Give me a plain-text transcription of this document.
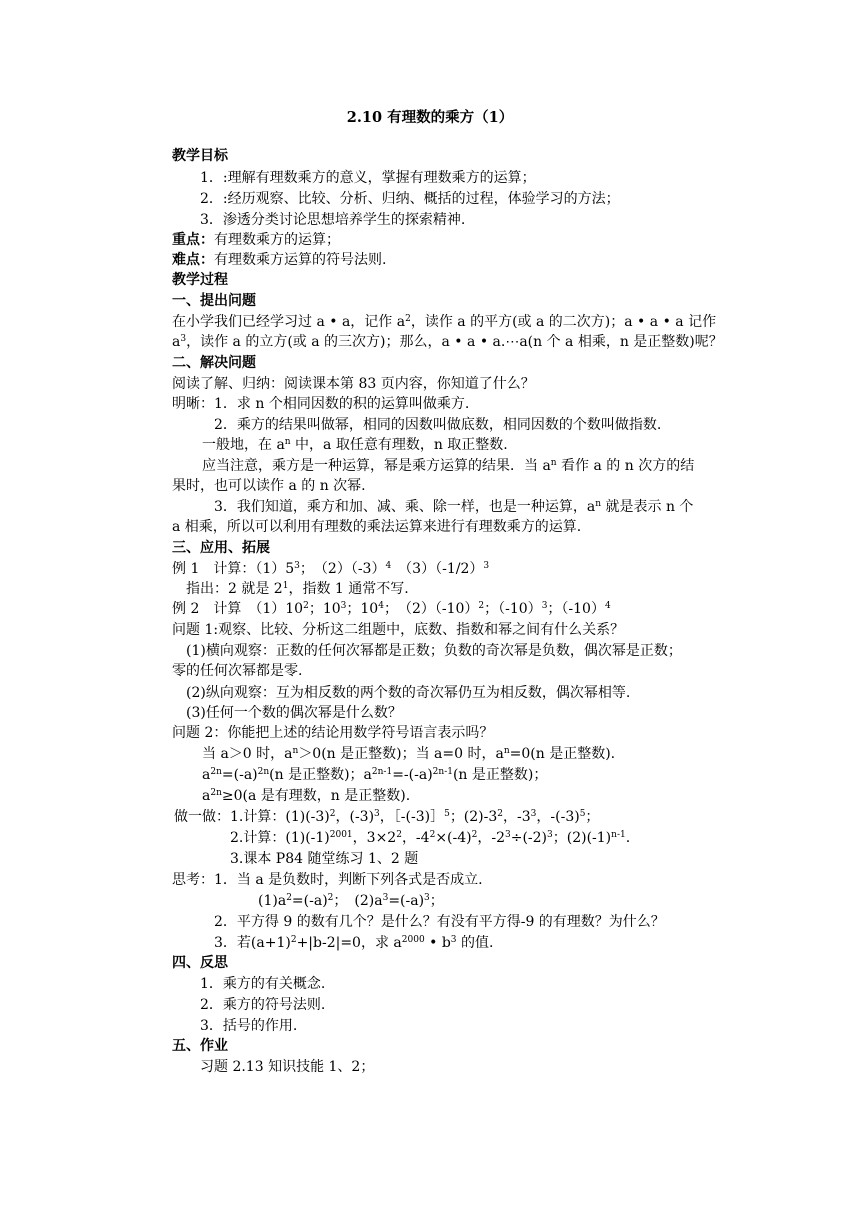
2.10 有理数的乘方（1）
教学目标
1．:理解有理数乘方的意义，掌握有理数乘方的运算；
2．:经历观察、比较、分析、归纳、概括的过程，体验学习的方法；
3．渗透分类讨论思想培养学生的探索精神.
重点：有理数乘方的运算；
难点：有理数乘方运算的符号法则.
教学过程
一、提出问题
在小学我们已经学习过 a • a，记作 $a^2$，读作 a 的平方(或 a 的二次方)；a • a • a 记作
$a^3$，读作 a 的立方(或 a 的三次方)；那么，a • a • a.⋯a(n 个 a 相乘，n 是正整数)呢？
二、解决问题
阅读了解、归纳：阅读课本第 83 页内容，你知道了什么？
明晰：1．求 n 个相同因数的积的运算叫做乘方.
2．乘方的结果叫做幂，相同的因数叫做底数，相同因数的个数叫做指数.
一般地，在 $a^n$ 中，a 取任意有理数，n 取正整数.
应当注意，乘方是一种运算，幂是乘方运算的结果．当 $a^n$ 看作 a 的 n 次方的结
果时，也可以读作 a 的 n 次幂.
3．我们知道，乘方和加、减、乘、除一样，也是一种运算，$a^n$ 就是表示 n 个
a 相乘，所以可以利用有理数的乘法运算来进行有理数乘方的运算.
三、应用、拓展
例 1　计算：$(1)5^3$；　$(2)(-3)^4$　$(3)(-1/2)^3$
指出：2 就是 $2^1$，指数 1 通常不写.
例 2　计算　$(1)10^2$；$10^3$；$10^4$；　$(2)(-10)^2$；$(-10)^3$；$(-10)^4$
问题 1:观察、比较、分析这二组题中，底数、指数和幂之间有什么关系？
(1)横向观察：正数的任何次幂都是正数；负数的奇次幂是负数，偶次幂是正数；
零的任何次幂都是零.
(2)纵向观察：互为相反数的两个数的奇次幂仍互为相反数，偶次幂相等.
(3)任何一个数的偶次幂是什么数？
问题 2：你能把上述的结论用数学符号语言表示吗？
当 a＞0 时，$a^n>0(n$ 是正整数)；当 a=0 时，$a^n=0(n$ 是正整数).
$a^{2n}=(-a)^{2n}(n$ 是正整数)；$a^{2n-1}=-(-a)^{2n-1}(n$ 是正整数)；
$a^{2n}\ge 0(a$ 是有理数，n 是正整数).
做一做：1.计算：$(1)(-3)^2$，$(-3)^3$，［-(-3)］$^5$；$(2)-3^2$，$-3^3$，$-(-3)^5$；
2.计算：$(1)(-1)^{2001}$，$3\times 2^2$，$-4^2\times(-4)^2$，$-2^3\div(-2)^3$；$(2)(-1)^{n-1}$.
3.课本 P84 随堂练习 1、2 题
思考：1．当 a 是负数时，判断下列各式是否成立.
$(1)a^2=(-a)^2$；　$(2)a^3=(-a)^3$；
2．平方得 9 的数有几个？是什么？有没有平方得-9 的有理数？为什么？
3．若$(a+1)^2+|b-2|=0$，求 $a^{2000}$ • $b^3$ 的值.
四、反思
1．乘方的有关概念.
2．乘方的符号法则.
3．括号的作用.
五、作业
习题 2.13 知识技能 1、2；
